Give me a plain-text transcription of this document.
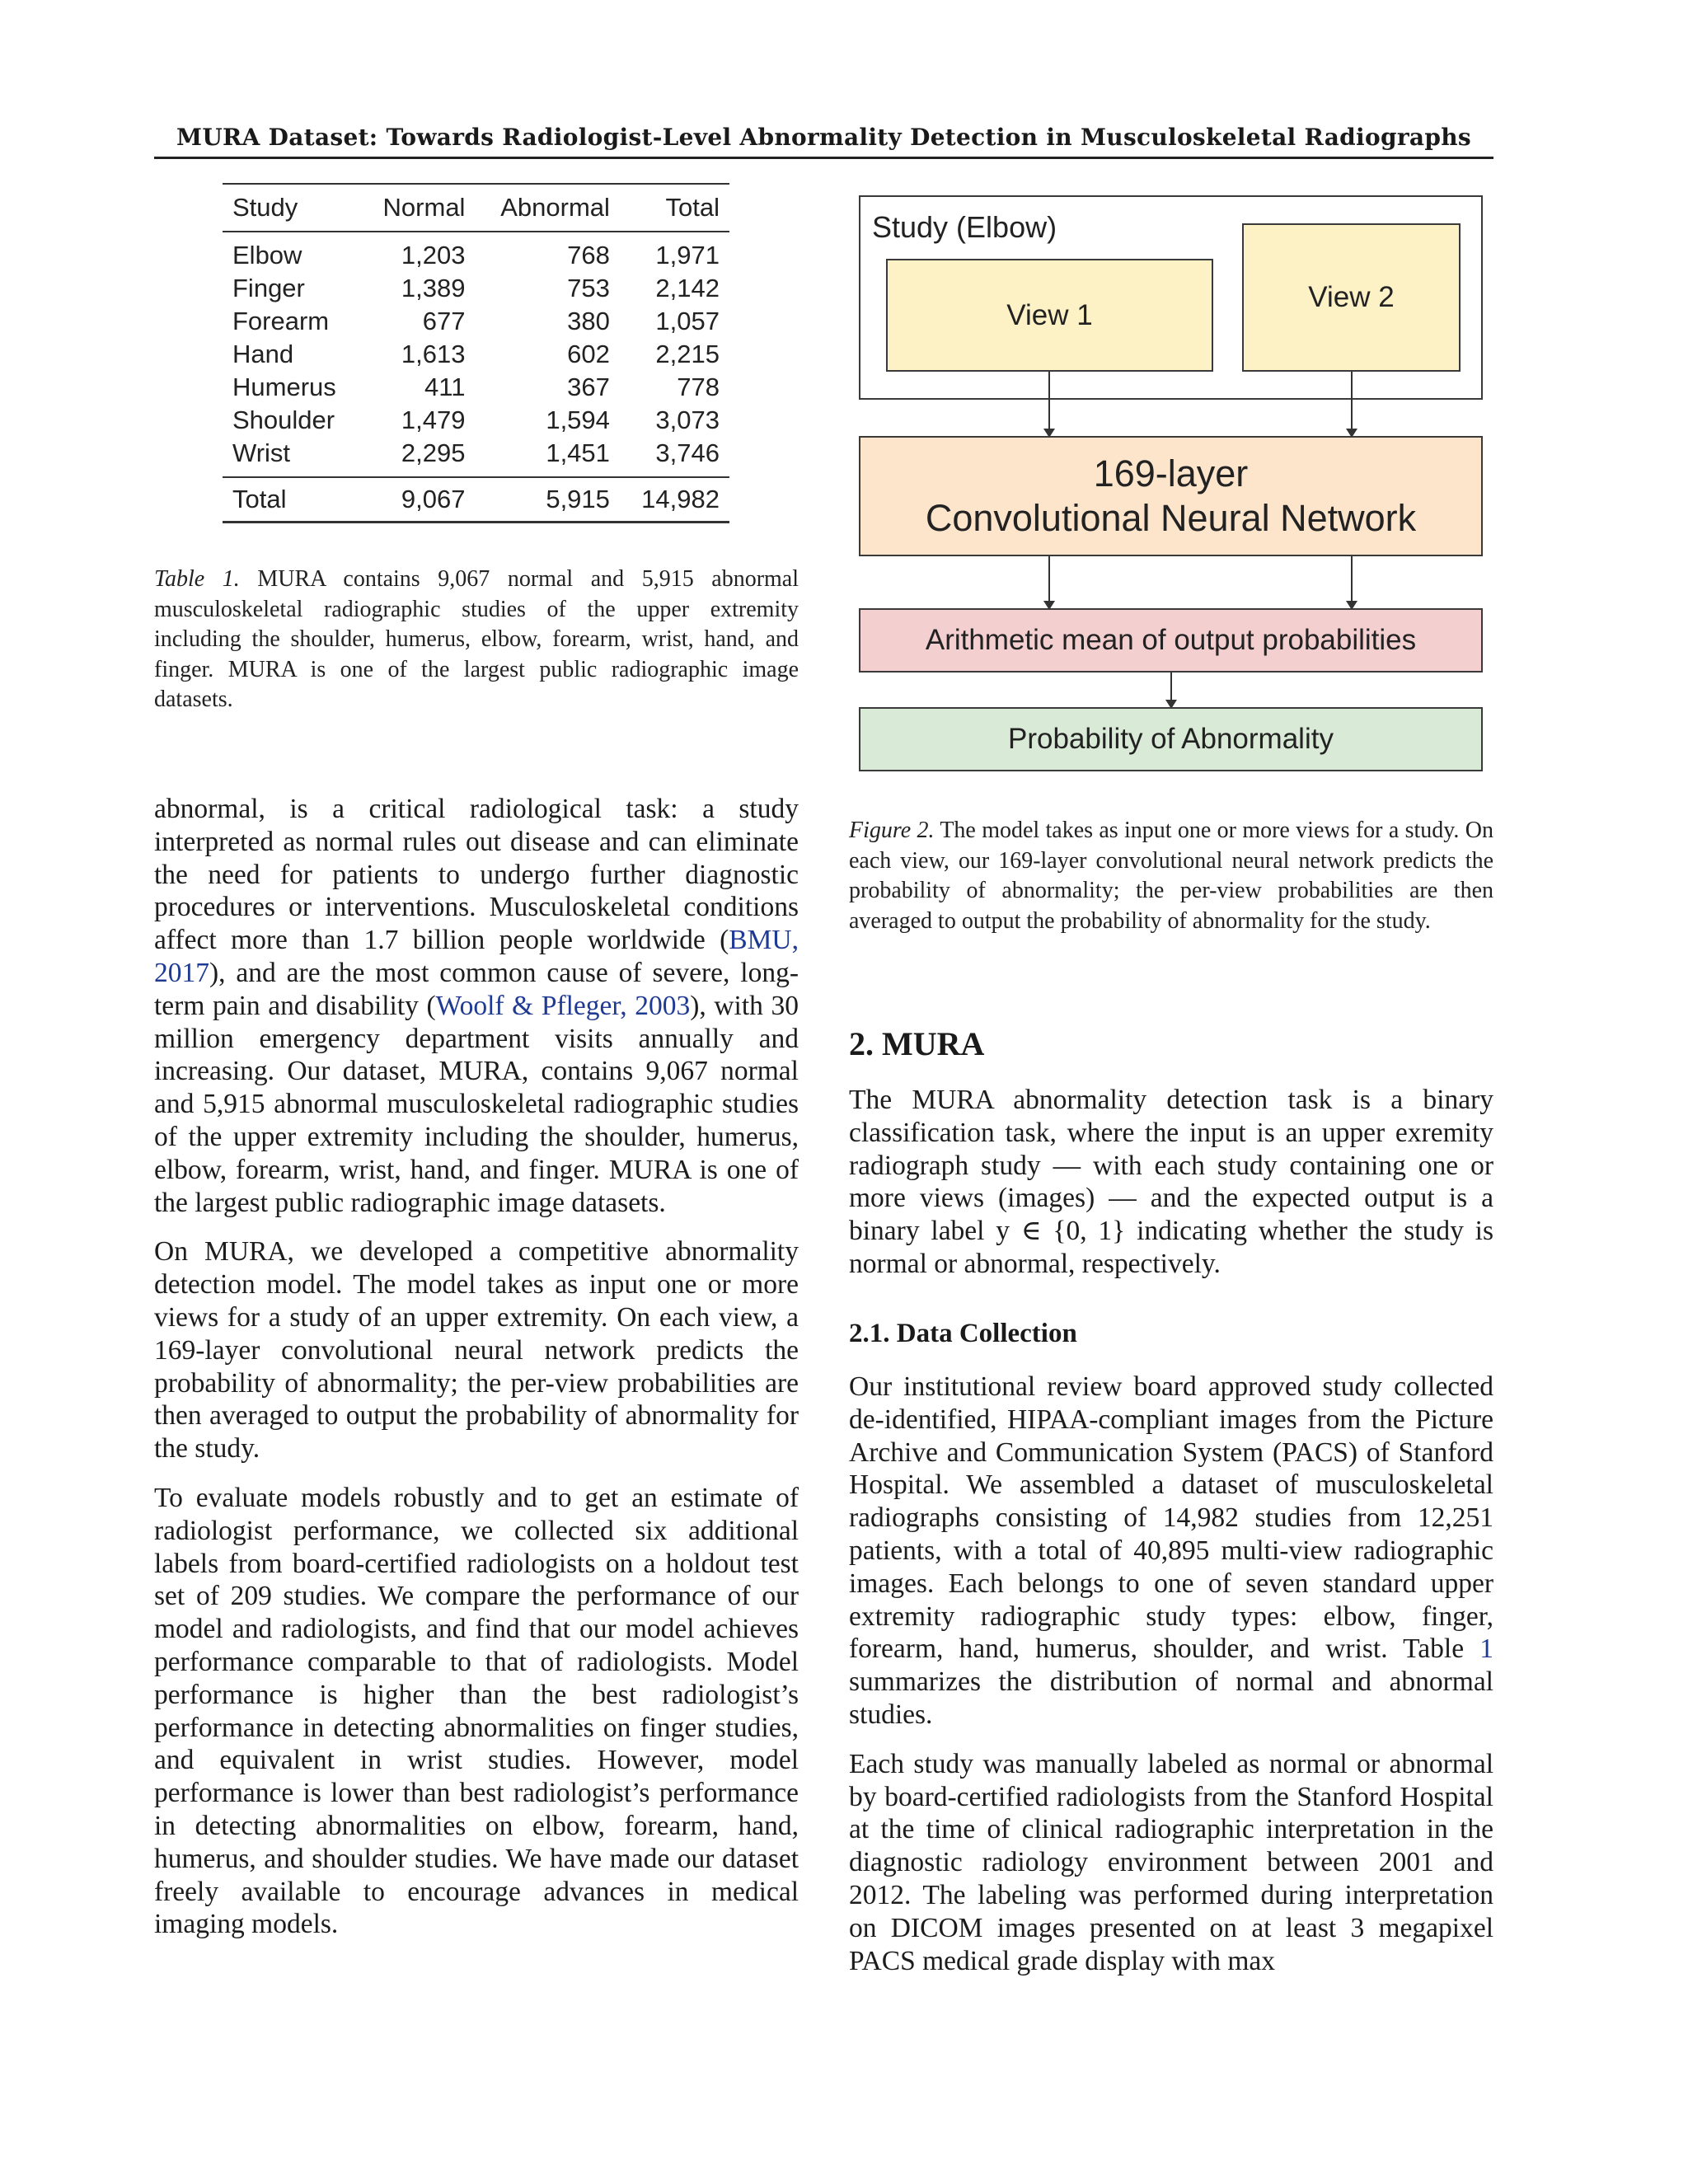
MURA Dataset: Towards Radiologist-Level Abnormality Detection in Musculoskeletal Radiographs
Study	Normal	Abnormal	Total
Elbow	1,203	768	1,971
Finger	1,389	753	2,142
Forearm	677	380	1,057
Hand	1,613	602	2,215
Humerus	411	367	778
Shoulder	1,479	1,594	3,073
Wrist	2,295	1,451	3,746
Total	9,067	5,915	14,982
Table 1. MURA contains 9,067 normal and 5,915 abnormal musculoskeletal radiographic studies of the upper extremity including the shoulder, humerus, elbow, forearm, wrist, hand, and finger. MURA is one of the largest public radiographic image datasets.
Study (Elbow)
View 1
View 2
169-layer
Convolutional Neural Network
Arithmetic mean of output probabilities
Probability of Abnormality
Figure 2. The model takes as input one or more views for a study. On each view, our 169-layer convolutional neural network predicts the probability of abnormality; the per-view probabilities are then averaged to output the probability of abnormality for the study.

abnormal, is a critical radiological task: a study interpreted as normal rules out disease and can eliminate the need for patients to undergo further diagnostic procedures or interventions. Musculoskeletal conditions affect more than 1.7 billion people worldwide (BMU, 2017), and are the most common cause of severe, long-term pain and disability (Woolf & Pfleger, 2003), with 30 million emergency department visits annually and increasing. Our dataset, MURA, contains 9,067 normal and 5,915 abnormal musculoskeletal radiographic studies of the upper extremity including the shoulder, humerus, elbow, forearm, wrist, hand, and finger. MURA is one of the largest public radiographic image datasets.

On MURA, we developed a competitive abnormality detection model. The model takes as input one or more views for a study of an upper extremity. On each view, a 169-layer convolutional neural network predicts the probability of abnormality; the per-view probabilities are then averaged to output the probability of abnormality for the study.

To evaluate models robustly and to get an estimate of radiologist performance, we collected six additional labels from board-certified radiologists on a holdout test set of 209 studies. We compare the performance of our model and radiologists, and find that our model achieves performance comparable to that of radiologists. Model performance is higher than the best radiologist’s performance in detecting abnormalities on finger studies, and equivalent in wrist studies. However, model performance is lower than best radiologist’s performance in detecting abnormalities on elbow, forearm, hand, humerus, and shoulder studies. We have made our dataset freely available to encourage advances in medical imaging models.

2. MURA

The MURA abnormality detection task is a binary classification task, where the input is an upper exremity radiograph study — with each study containing one or more views (images) — and the expected output is a binary label y ∈ {0, 1} indicating whether the study is normal or abnormal, respectively.

2.1. Data Collection

Our institutional review board approved study collected de-identified, HIPAA-compliant images from the Picture Archive and Communication System (PACS) of Stanford Hospital. We assembled a dataset of musculoskeletal radiographs consisting of 14,982 studies from 12,251 patients, with a total of 40,895 multi-view radiographic images. Each belongs to one of seven standard upper extremity radiographic study types: elbow, finger, forearm, hand, humerus, shoulder, and wrist. Table 1 summarizes the distribution of normal and abnormal studies.

Each study was manually labeled as normal or abnormal by board-certified radiologists from the Stanford Hospital at the time of clinical radiographic interpretation in the diagnostic radiology environment between 2001 and 2012. The labeling was performed during interpretation on DICOM images presented on at least 3 megapixel PACS medical grade display with max
